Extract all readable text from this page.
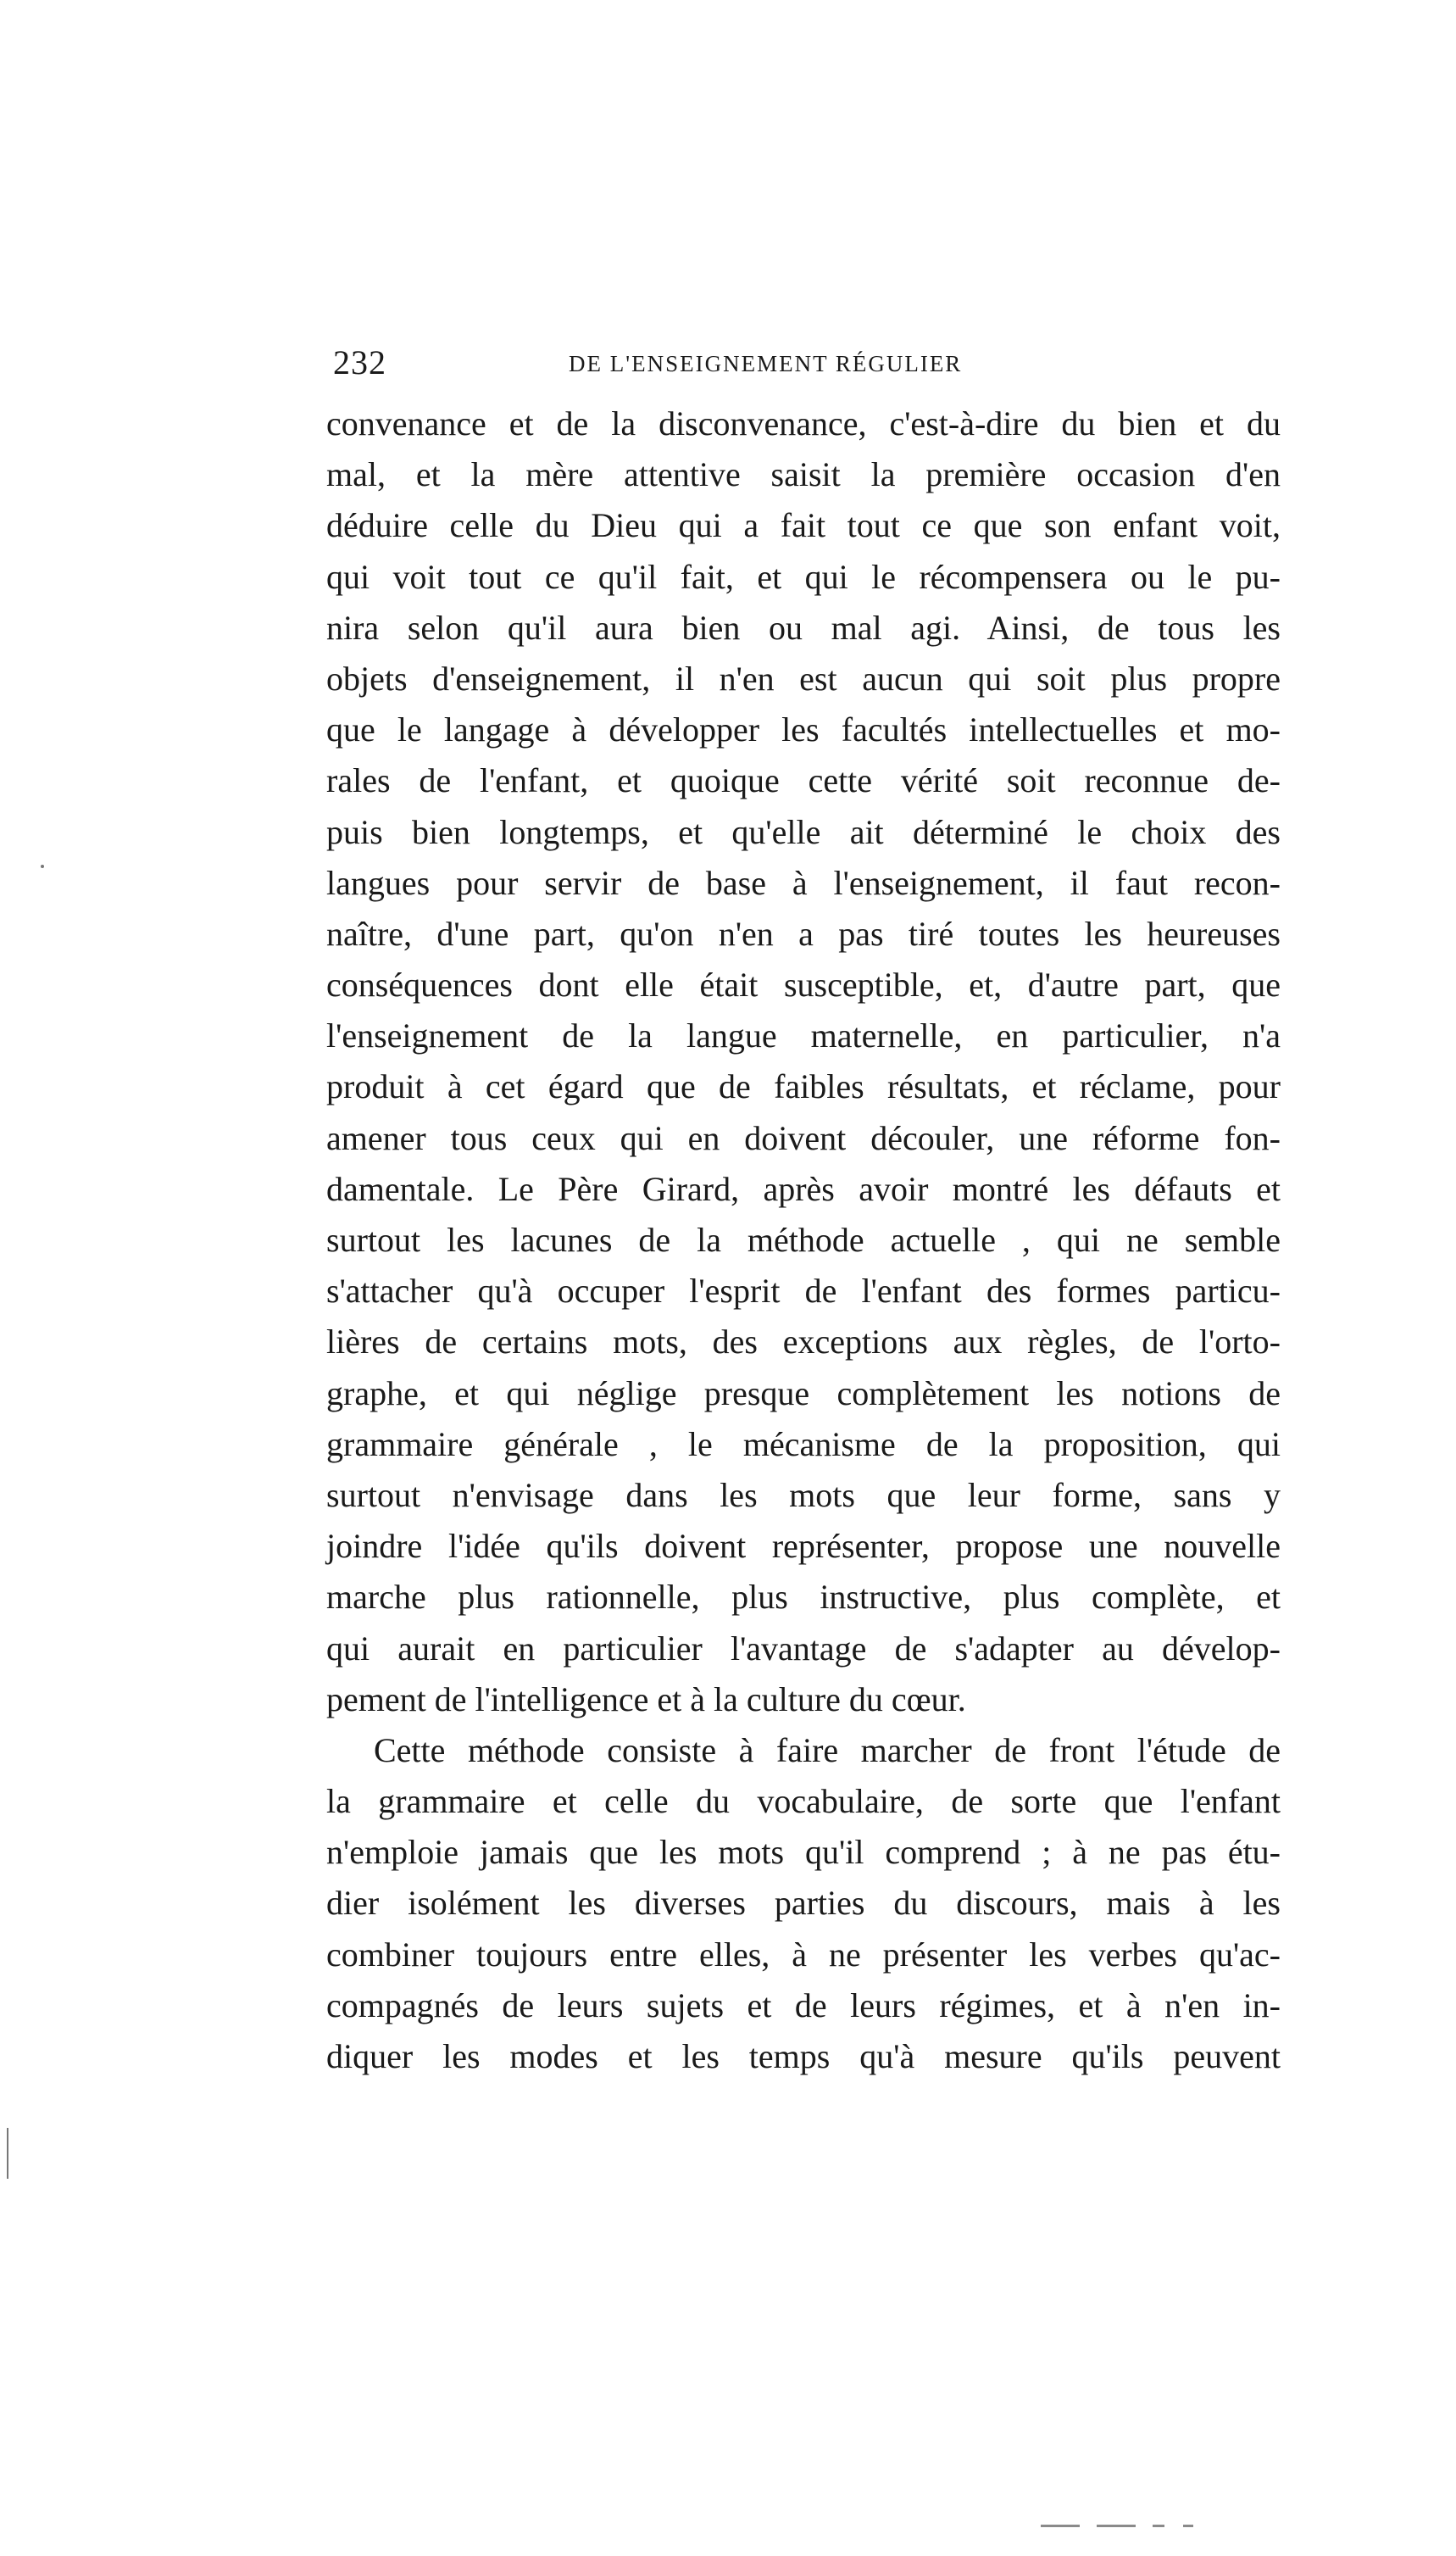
232	DE L'ENSEIGNEMENT RÉGULIER
convenance et de la disconvenance, c'est-à-dire du bien et du
mal, et la mère attentive saisit la première occasion d'en
déduire celle du Dieu qui a fait tout ce que son enfant voit,
qui voit tout ce qu'il fait, et qui le récompensera ou le pu-
nira selon qu'il aura bien ou mal agi. Ainsi, de tous les
objets d'enseignement, il n'en est aucun qui soit plus propre
que le langage à développer les facultés intellectuelles et mo-
rales de l'enfant, et quoique cette vérité soit reconnue de-
puis bien longtemps, et qu'elle ait déterminé le choix des
langues pour servir de base à l'enseignement, il faut recon-
naître, d'une part, qu'on n'en a pas tiré toutes les heureuses
conséquences dont elle était susceptible, et, d'autre part, que
l'enseignement de la langue maternelle, en particulier, n'a
produit à cet égard que de faibles résultats, et réclame, pour
amener tous ceux qui en doivent découler, une réforme fon-
damentale. Le Père Girard, après avoir montré les défauts et
surtout les lacunes de la méthode actuelle , qui ne semble
s'attacher qu'à occuper l'esprit de l'enfant des formes particu-
lières de certains mots, des exceptions aux règles, de l'orto-
graphe, et qui néglige presque complètement les notions de
grammaire générale , le mécanisme de la proposition, qui
surtout n'envisage dans les mots que leur forme, sans y
joindre l'idée qu'ils doivent représenter, propose une nouvelle
marche plus rationnelle, plus instructive, plus complète, et
qui aurait en particulier l'avantage de s'adapter au dévelop-
pement de l'intelligence et à la culture du cœur.
Cette méthode consiste à faire marcher de front l'étude de
la grammaire et celle du vocabulaire, de sorte que l'enfant
n'emploie jamais que les mots qu'il comprend ; à ne pas étu-
dier isolément les diverses parties du discours, mais à les
combiner toujours entre elles, à ne présenter les verbes qu'ac-
compagnés de leurs sujets et de leurs régimes, et à n'en in-
diquer les modes et les temps qu'à mesure qu'ils peuvent
